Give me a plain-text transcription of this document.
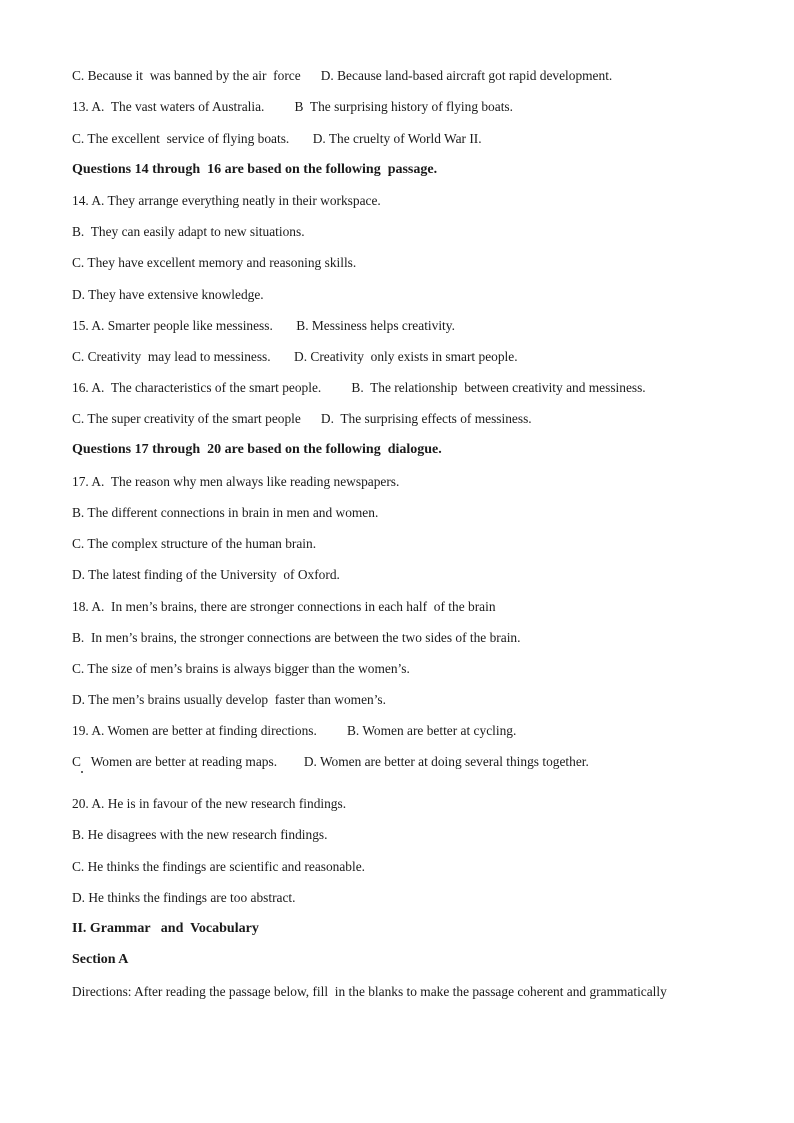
C. Because it  was banned by the air  force      D. Because land-based aircraft got rapid development.
13. A.  The vast waters of Australia.         B  The surprising history of flying boats.
C. The excellent  service of flying boats.       D. The cruelty of World War II.
Questions 14 through  16 are based on the following  passage.
14. A. They arrange everything neatly in their workspace.
B.  They can easily adapt to new situations.
C. They have excellent memory and reasoning skills.
D. They have extensive knowledge.
15. A. Smarter people like messiness.       B. Messiness helps creativity.
C. Creativity  may lead to messiness.       D. Creativity  only exists in smart people.
16. A.  The characteristics of the smart people.         B.  The relationship  between creativity and messiness.
C. The super creativity of the smart people      D.  The surprising effects of messiness.
Questions 17 through  20 are based on the following  dialogue.
17. A.  The reason why men always like reading newspapers.
B. The different connections in brain in men and women.
C. The complex structure of the human brain.
D. The latest finding of the University  of Oxford.
18. A.  In men’s brains, there are stronger connections in each half  of the brain
B.  In men’s brains, the stronger connections are between the two sides of the brain.
C. The size of men’s brains is always bigger than the women’s.
D. The men’s brains usually develop  faster than women’s.
19. A. Women are better at finding directions.         B. Women are better at cycling.
C   Women are better at reading maps.        D. Women are better at doing several things together.
20. A. He is in favour of the new research findings.
B. He disagrees with the new research findings.
C. He thinks the findings are scientific and reasonable.
D. He thinks the findings are too abstract.
II. Grammar   and  Vocabulary
Section A
Directions: After reading the passage below, fill  in the blanks to make the passage coherent and grammatically
